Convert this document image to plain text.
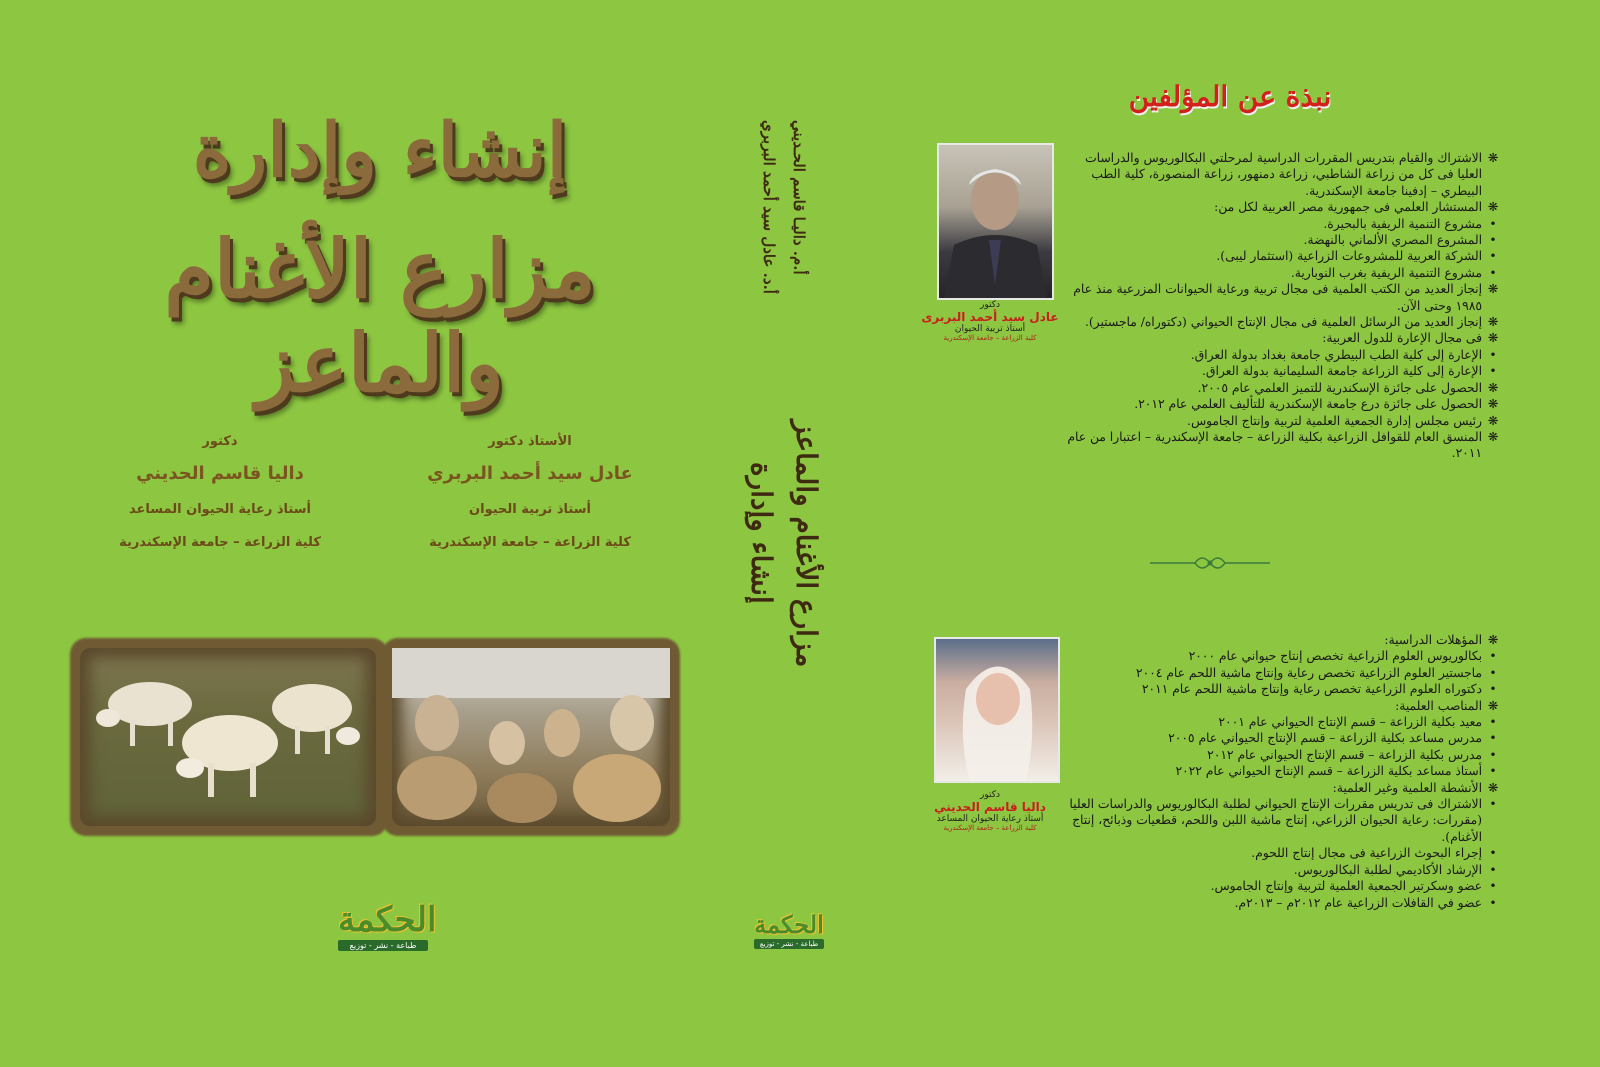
إنشاء وإدارة
مزارع الأغنام والماعز
الأستاذ دكتور
عادل سيد أحمد البربري
أستاذ تربية الحيوان
كلية الزراعة – جامعة الإسكندرية
دكتور
داليا قاسم الحديني
أستاذ رعاية الحيوان المساعد
كلية الزراعة – جامعة الإسكندرية
الحكمة
طباعة - نشر - توزيع
أ.د. عادل سيد أحمد البربري أ.م. داليـا قاسم الحـديني
إنشاء وإدارة مزارع الأغنام والماعز
الحكمة
طباعة - نشر - توزيع
نبذة عن المؤلفين
دكتور
عادل سيد أحمد البربرى
أستاذ تربية الحيوان
كلية الزراعة – جامعة الإسكندرية
❋
الاشتراك والقيام بتدريس المقررات الدراسية لمرحلتي البكالوريوس والدراسات العليا فى كل من زراعة الشاطبي، زراعة دمنهور، زراعة المنصورة، كلية الطب البيطري – إدفينا جامعة الإسكندرية.
❋
المستشار العلمي فى جمهورية مصر العربية لكل من:
•
مشروع التنمية الريفية بالبحيرة.
•
المشروع المصري الألماني بالنهضة.
•
الشركة العربية للمشروعات الزراعية (استثمار ليبى).
•
مشروع التنمية الريفية بغرب النوبارية.
❋
إنجاز العديد من الكتب العلمية فى مجال تربية ورعاية الحيوانات المزرعية منذ عام ١٩٨٥ وحتى الآن.
❋
إنجاز العديد من الرسائل العلمية فى مجال الإنتاج الحيواني (دكتوراه/ ماجستير).
❋
فى مجال الإعارة للدول العربية:
•
الإعارة إلى كلية الطب البيطري جامعة بغداد بدولة العراق.
•
الإعارة إلى كلية الزراعة جامعة السليمانية بدولة العراق.
❋
الحصول على جائزة الإسكندرية للتميز العلمي عام ٢٠٠٥.
❋
الحصول على جائزة درع جامعة الإسكندرية للتأليف العلمي عام ٢٠١٢.
❋
رئيس مجلس إدارة الجمعية العلمية لتربية وإنتاج الجاموس.
❋
المنسق العام للقوافل الزراعية بكلية الزراعة – جامعة الإسكندرية – اعتبارا من عام ٢٠١١.
دكتور
داليا قاسم الحديني
أستاذ رعاية الحيوان المساعد
كلية الزراعة – جامعة الإسكندرية
❋
المؤهلات الدراسية:
•
بكالوريوس العلوم الزراعية تخصص إنتاج حيواني عام ٢٠٠٠
•
ماجستير العلوم الزراعية تخصص رعاية وإنتاج ماشية اللحم عام ٢٠٠٤
•
دكتوراه العلوم الزراعية تخصص رعاية وإنتاج ماشية اللحم عام ٢٠١١
❋
المناصب العلمية:
•
معيد بكلية الزراعة – قسم الإنتاج الحيواني عام ٢٠٠١
•
مدرس مساعد بكلية الزراعة – قسم الإنتاج الحيواني عام ٢٠٠٥
•
مدرس بكلية الزراعة – قسم الإنتاج الحيواني عام ٢٠١٢
•
أستاذ مساعد بكلية الزراعة – قسم الإنتاج الحيواني عام ٢٠٢٢
❋
الأنشطة العلمية وغير العلمية:
•
الاشتراك فى تدريس مقررات الإنتاج الحيواني لطلبة البكالوريوس والدراسات العليا (مقررات: رعاية الحيوان الزراعي، إنتاج ماشية اللبن واللحم، قطعيات وذبائح، إنتاج الأغنام).
•
إجراء البحوث الزراعية فى مجال إنتاج اللحوم.
•
الإرشاد الأكاديمي لطلبة البكالوريوس.
•
عضو وسكرتير الجمعية العلمية لتربية وإنتاج الجاموس.
•
عضو في القافلات الزراعية عام ٢٠١٢م – ٢٠١٣م.
